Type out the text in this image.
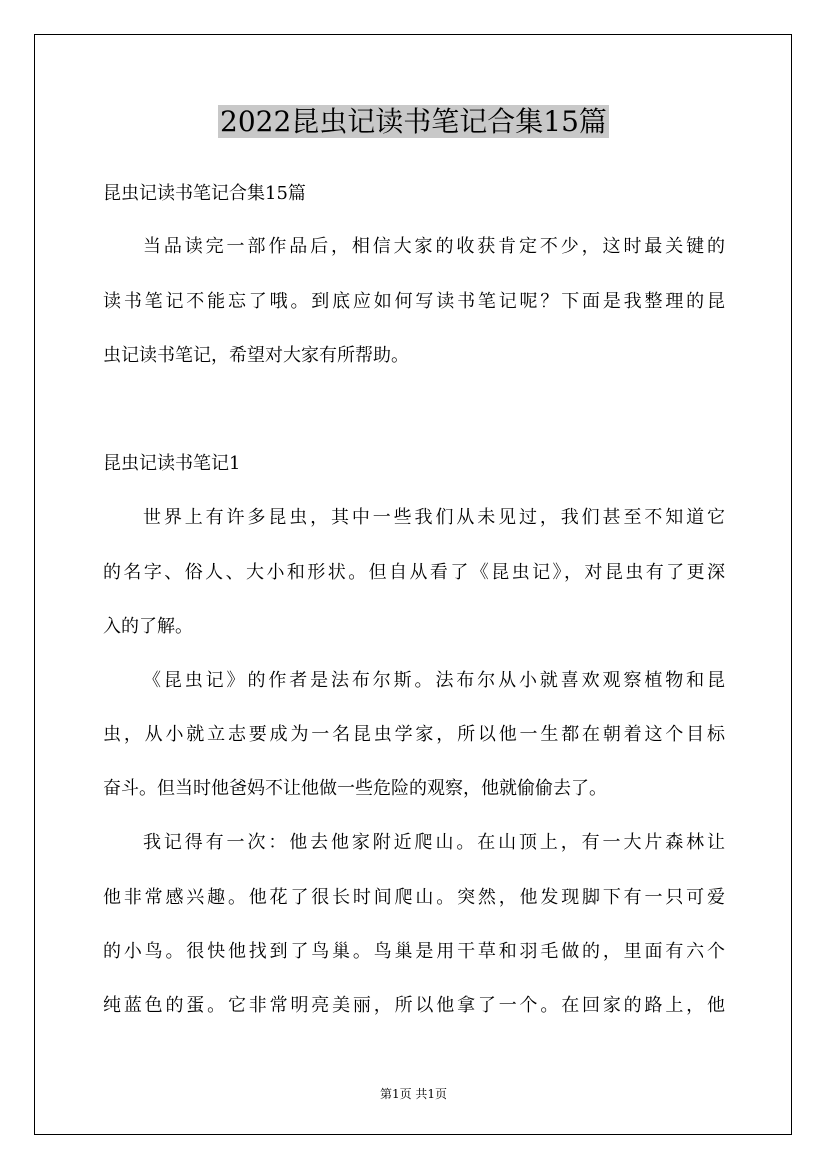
2022昆虫记读书笔记合集15篇
昆虫记读书笔记合集15篇
当品读完一部作品后，相信大家的收获肯定不少，这时最关键的
读书笔记不能忘了哦。到底应如何写读书笔记呢？下面是我整理的昆
虫记读书笔记，希望对大家有所帮助。
昆虫记读书笔记1
世界上有许多昆虫，其中一些我们从未见过，我们甚至不知道它
的名字、俗人、大小和形状。但自从看了《昆虫记》，对昆虫有了更深
入的了解。
《昆虫记》的作者是法布尔斯。法布尔从小就喜欢观察植物和昆
虫，从小就立志要成为一名昆虫学家，所以他一生都在朝着这个目标
奋斗。但当时他爸妈不让他做一些危险的观察，他就偷偷去了。
我记得有一次：他去他家附近爬山。在山顶上，有一大片森林让
他非常感兴趣。他花了很长时间爬山。突然，他发现脚下有一只可爱
的小鸟。很快他找到了鸟巢。鸟巢是用干草和羽毛做的，里面有六个
纯蓝色的蛋。它非常明亮美丽，所以他拿了一个。在回家的路上，他
第1页 共1页
